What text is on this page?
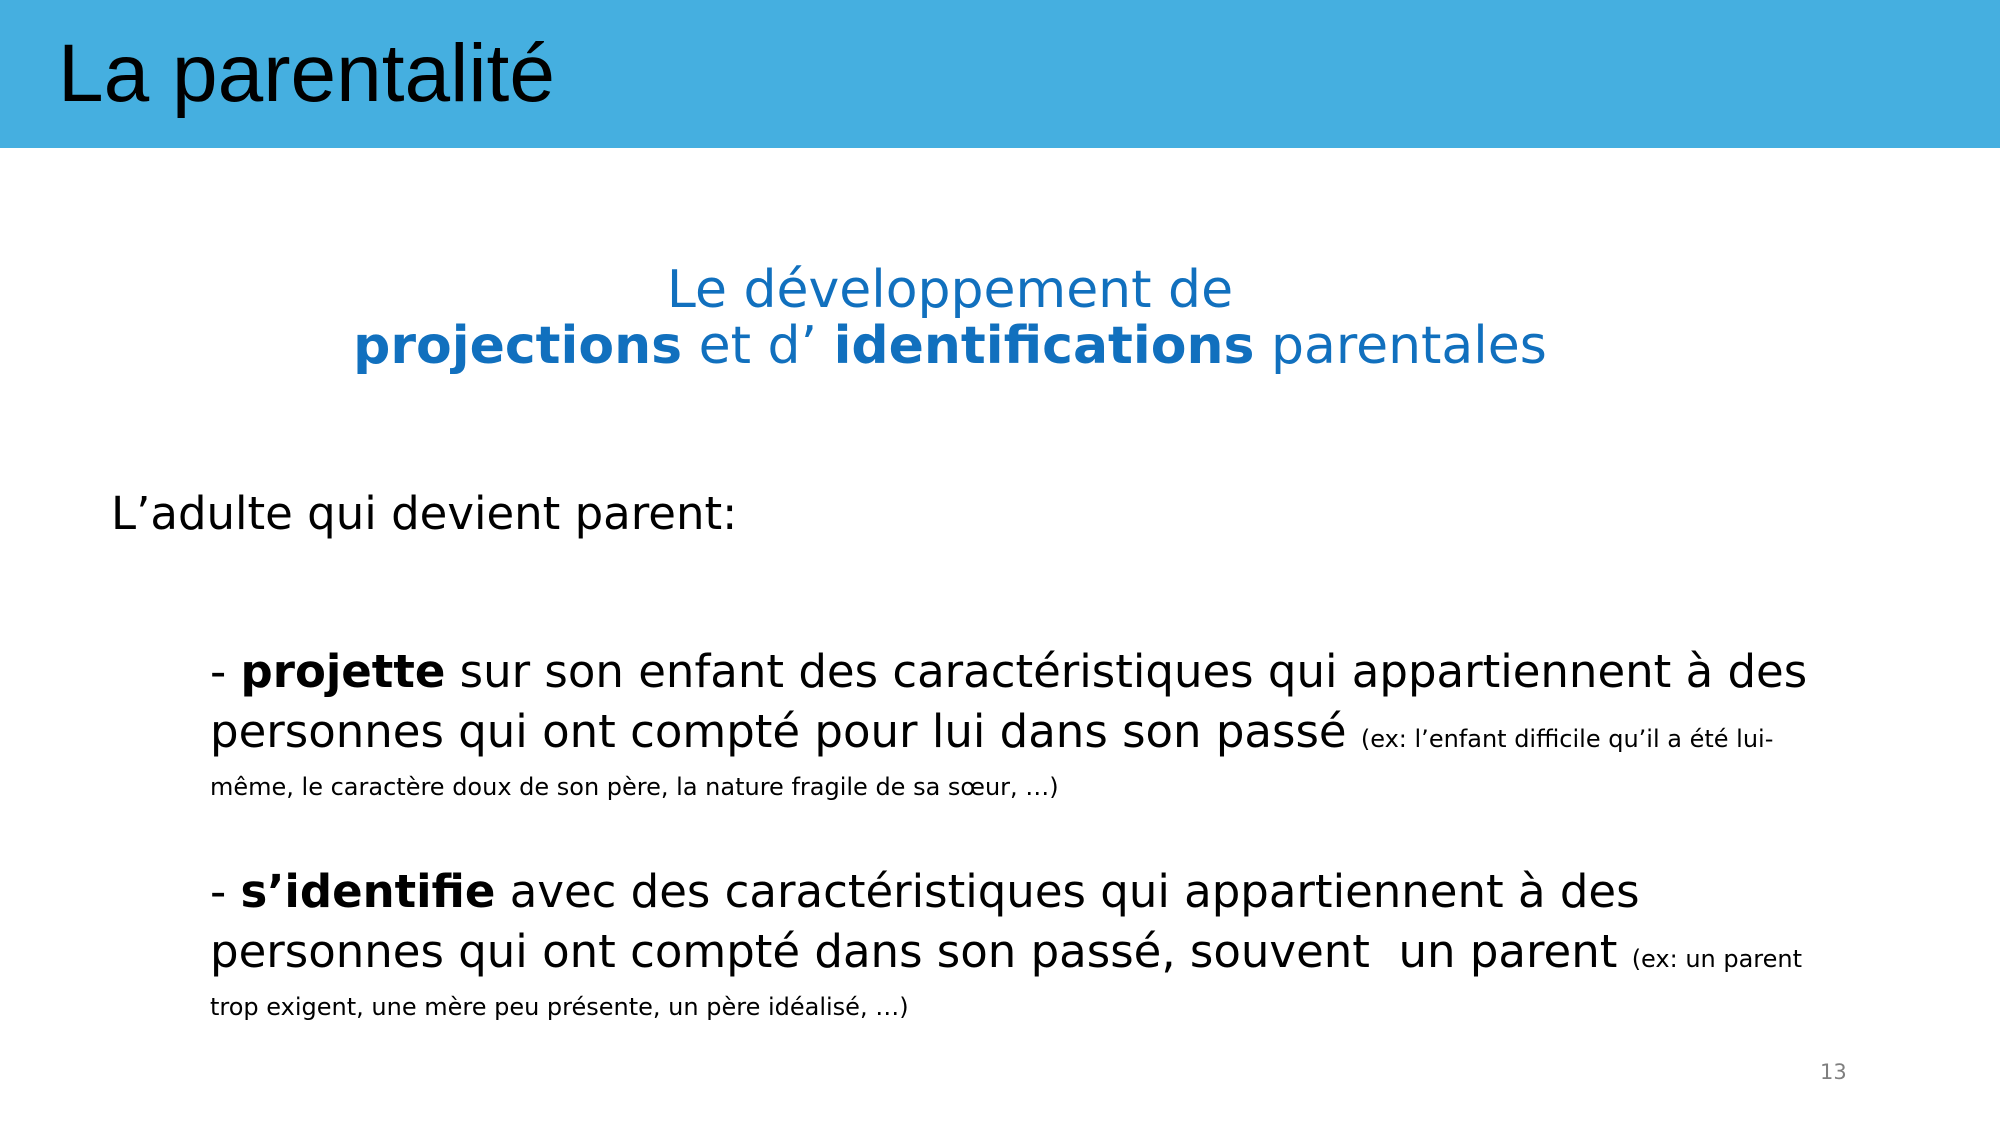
La parentalité
Le développement de
projections et d’ identifications parentales
L’adulte qui devient parent:
- projette sur son enfant des caractéristiques qui appartiennent à des
personnes qui ont compté pour lui dans son passé (ex: l’enfant difficile qu’il a été lui-
même, le caractère doux de son père, la nature fragile de sa sœur, …)
- s’identifie avec des caractéristiques qui appartiennent à des
personnes qui ont compté dans son passé, souvent  un parent (ex: un parent
trop exigent, une mère peu présente, un père idéalisé, …)
13
